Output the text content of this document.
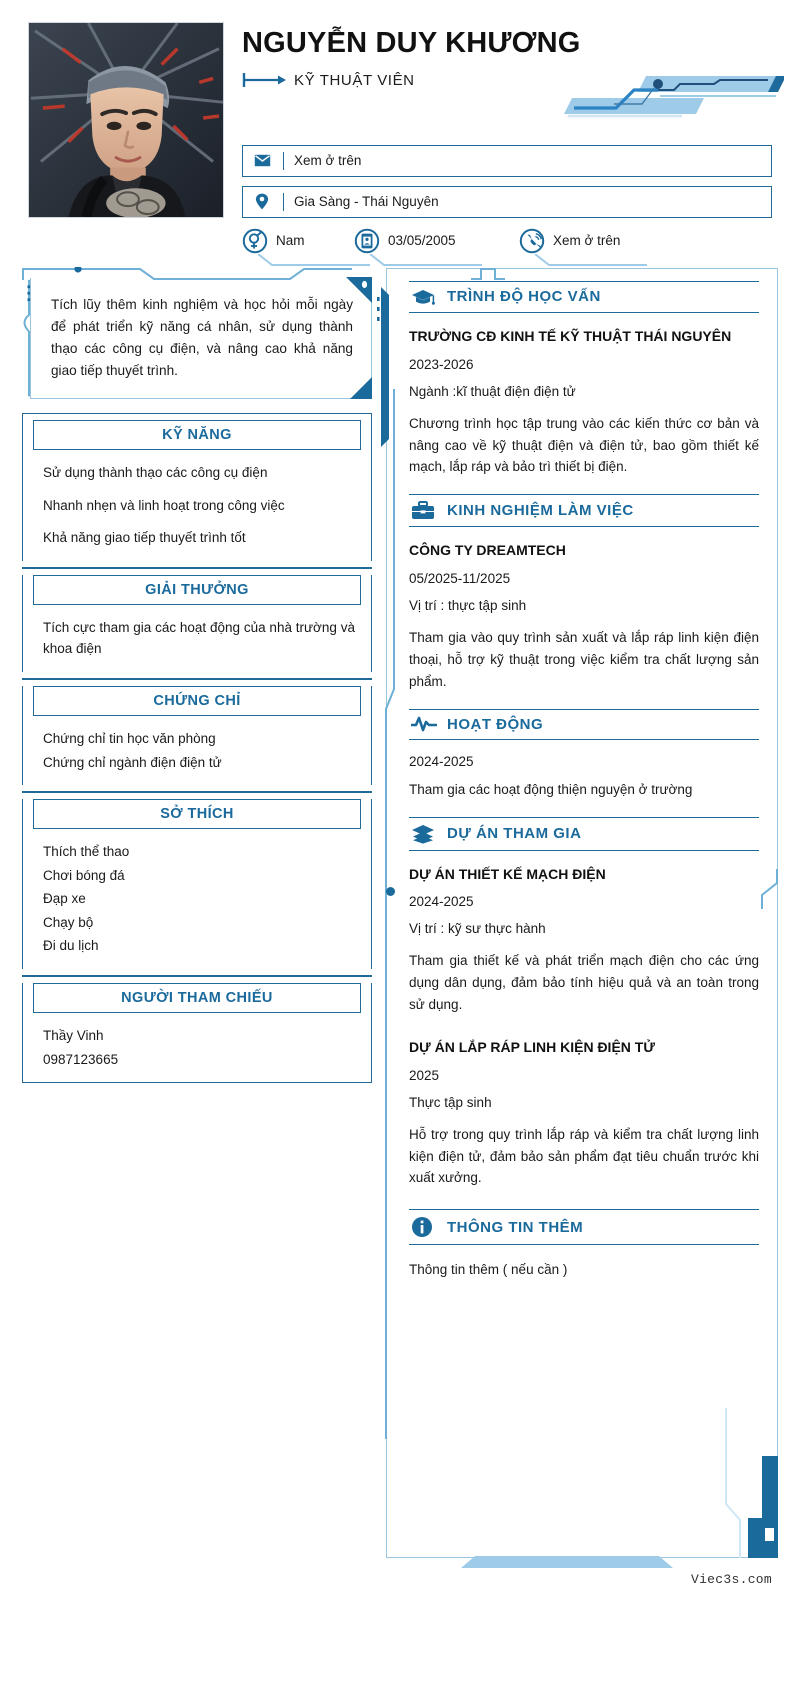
NGUYỄN DUY KHƯƠNG
KỸ THUẬT VIÊN
Xem ở trên
Gia Sàng - Thái Nguyên
Nam	03/05/2005	Xem ở trên
Tích lũy thêm kinh nghiệm và học hỏi mỗi ngày để phát triển kỹ năng cá nhân, sử dụng thành thạo các công cụ điện, và nâng cao khả năng giao tiếp thuyết trình.
KỸ NĂNG

Sử dụng thành thạo các công cụ điện

Nhanh nhẹn và linh hoạt trong công việc

Khả năng giao tiếp thuyết trình tốt

GIẢI THƯỞNG

Tích cực tham gia các hoạt động của nhà trường và khoa điện

CHỨNG CHỈ

Chứng chỉ tin học văn phòng

Chứng chỉ ngành điện điện tử

SỞ THÍCH

Thích thể thao

Chơi bóng đá

Đạp xe

Chạy bộ

Đi du lịch

NGƯỜI THAM CHIẾU

Thầy Vinh

0987123665

TRÌNH ĐỘ HỌC VẤN
TRƯỜNG CĐ KINH TẾ KỸ THUẬT THÁI NGUYÊN
2023-2026
Ngành :kĩ thuật điện điện tử
Chương trình học tập trung vào các kiến thức cơ bản và nâng cao về kỹ thuật điện và điện tử, bao gồm thiết kế mạch, lắp ráp và bảo trì thiết bị điện.
KINH NGHIỆM LÀM VIỆC
CÔNG TY DREAMTECH
05/2025-11/2025
Vị trí : thực tập sinh
Tham gia vào quy trình sản xuất và lắp ráp linh kiện điện thoại, hỗ trợ kỹ thuật trong việc kiểm tra chất lượng sản phẩm.
HOẠT ĐỘNG
2024-2025
Tham gia các hoạt động thiện nguyện ở trường
DỰ ÁN THAM GIA
DỰ ÁN THIẾT KẾ MẠCH ĐIỆN
2024-2025
Vị trí : kỹ sư thực hành
Tham gia thiết kế và phát triển mạch điện cho các ứng dụng dân dụng, đảm bảo tính hiệu quả và an toàn trong sử dụng.
DỰ ÁN LẮP RÁP LINH KIỆN ĐIỆN TỬ
2025
Thực tập sinh
Hỗ trợ trong quy trình lắp ráp và kiểm tra chất lượng linh kiện điện tử, đảm bảo sản phẩm đạt tiêu chuẩn trước khi xuất xưởng.
THÔNG TIN THÊM
Thông tin thêm ( nếu cần )
Viec3s.com
